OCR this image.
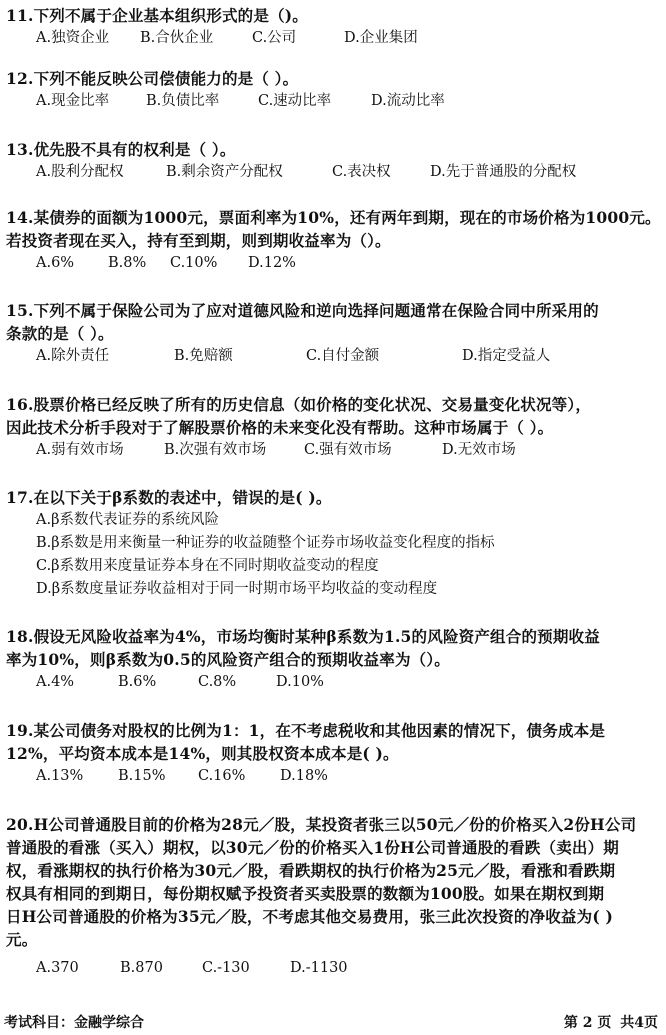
11.下列不属于企业基本组织形式的是（)。
A.独资企业	B.合伙企业	C.公司	D.企业集团
12.下列不能反映公司偿债能力的是（ ）。
A.现金比率	B.负债比率	C.速动比率	D.流动比率
13.优先股不具有的权利是（ ）。
A.股利分配权	B.剩余资产分配权	C.表决权	D.先于普通股的分配权
14.某债券的面额为1000元，票面利率为10%，还有两年到期，现在的市场价格为1000元。
若投资者现在买入，持有至到期，则到期收益率为（）。
A.6%	B.8%	C.10%	D.12%
15.下列不属于保险公司为了应对道德风险和逆向选择问题通常在保险合同中所采用的
条款的是（ ）。
A.除外责任	B.免赔额	C.自付金额	D.指定受益人
16.股票价格已经反映了所有的历史信息（如价格的变化状况、交易量变化状况等），
因此技术分析手段对于了解股票价格的未来变化没有帮助。这种市场属于（ ）。
A.弱有效市场	B.次强有效市场	C.强有效市场	D.无效市场
17.在以下关于β系数的表述中，错误的是( )。
A.β系数代表证券的系统风险
B.β系数是用来衡量一种证券的收益随整个证券市场收益变化程度的指标
C.β系数用来度量证券本身在不同时期收益变动的程度
D.β系数度量证券收益相对于同一时期市场平均收益的变动程度
18.假设无风险收益率为4%，市场均衡时某种β系数为1.5的风险资产组合的预期收益
率为10%，则β系数为0.5的风险资产组合的预期收益率为（）。
A.4%	B.6%	C.8%	D.10%
19.某公司债务对股权的比例为1：1，在不考虑税收和其他因素的情况下，债务成本是
12%，平均资本成本是14%，则其股权资本成本是( )。
A.13%	B.15%	C.16%	D.18%
20.H公司普通股目前的价格为28元／股，某投资者张三以50元／份的价格买入2份H公司
普通股的看涨（买入）期权，以30元／份的价格买入1份H公司普通股的看跌（卖出）期
权，看涨期权的执行价格为30元／股，看跌期权的执行价格为25元／股，看涨和看跌期
权具有相同的到期日，每份期权赋予投资者买卖股票的数额为100股。如果在期权到期
日H公司普通股的价格为35元／股，不考虑其他交易费用，张三此次投资的净收益为( )
元。
A.370	B.870	C.-130	D.-1130
考试科目：金融学综合	第 2 页 共4页
